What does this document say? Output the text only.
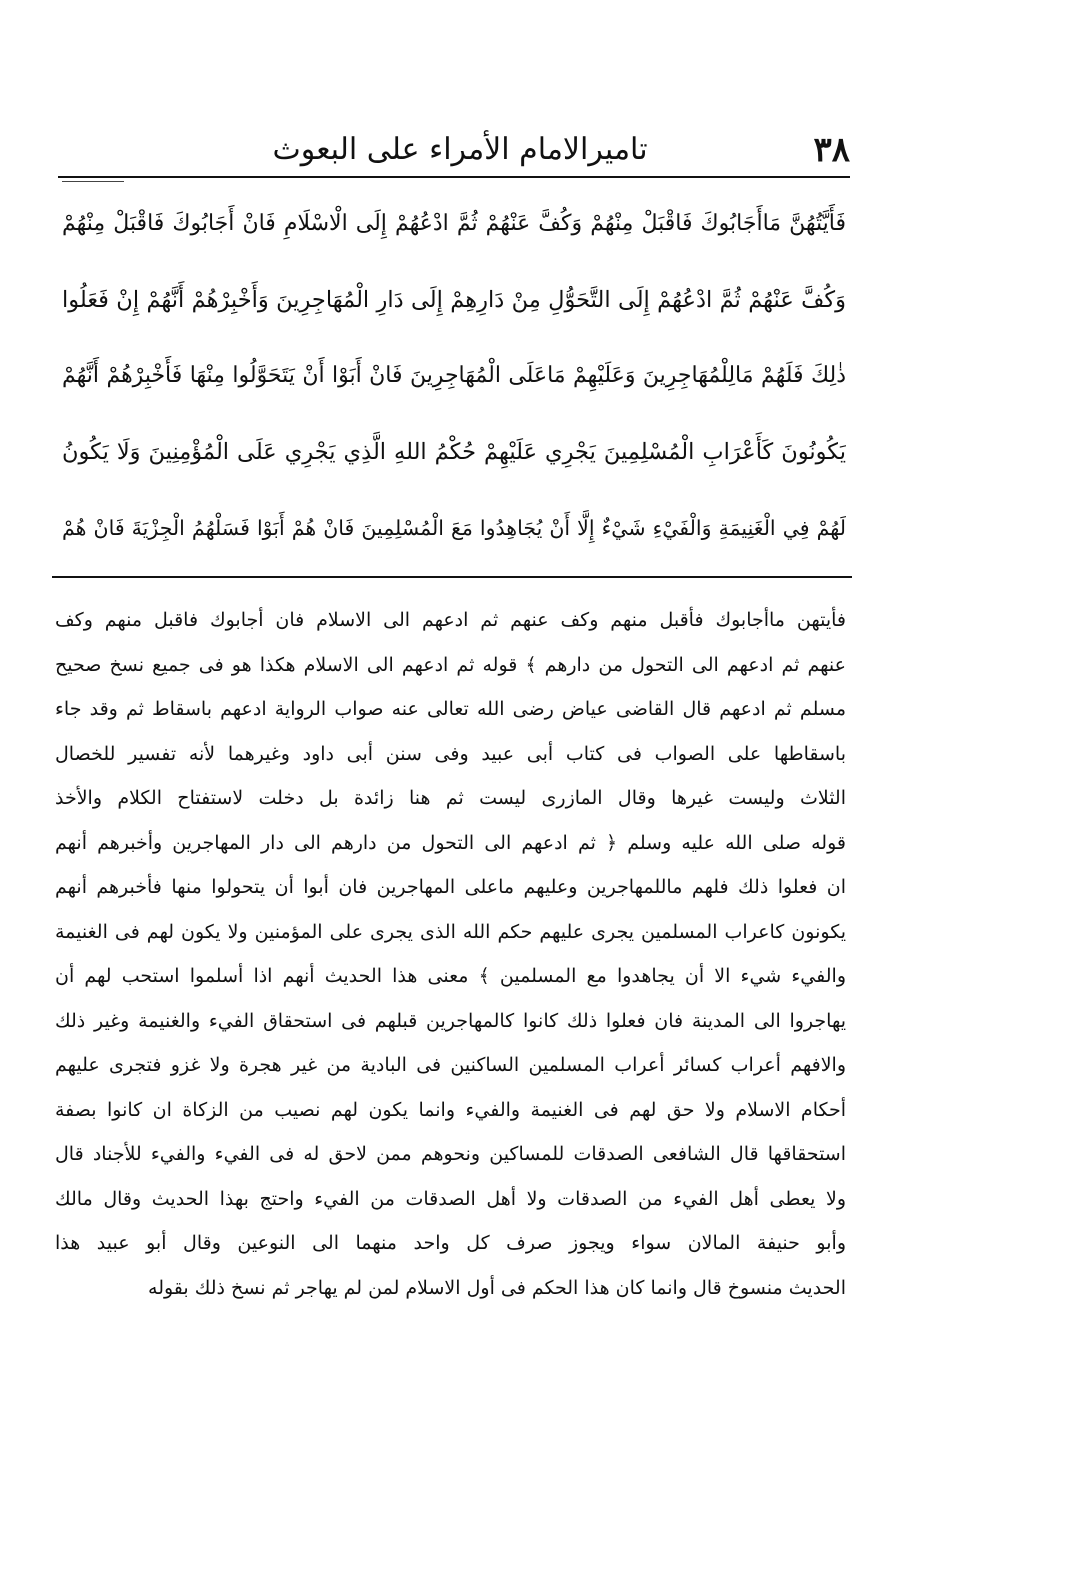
٣٨
تاميرالامام الأمراء على البعوث
فَأَيَّتُهُنَّ مَاأَجَابُوكَ فَاقْبَلْ مِنْهُمْ وَكُفَّ عَنْهُمْ ثُمَّ ادْعُهُمْ إِلَى الْاسْلَامِ فَانْ أَجَابُوكَ فَاقْبَلْ مِنْهُمْ
وَكُفَّ عَنْهُمْ ثُمَّ ادْعُهُمْ إِلَى التَّحَوُّلِ مِنْ دَارِهِمْ إِلَى دَارِ الْمُهَاجِرِينَ وَأَخْبِرْهُمْ أَنَّهُمْ إِنْ فَعَلُوا
ذٰلِكَ فَلَهُمْ مَالِلْمُهَاجِرِينَ وَعَلَيْهِمْ مَاعَلَى الْمُهَاجِرِينَ فَانْ أَبَوْا أَنْ يَتَحَوَّلُوا مِنْهَا فَأَخْبِرْهُمْ أَنَّهُمْ
يَكُونُونَ كَأَعْرَابِ الْمُسْلِمِينَ يَجْرِي عَلَيْهِمْ حُكْمُ اللهِ الَّذِي يَجْرِي عَلَى الْمُؤْمِنِينَ وَلَا يَكُونُ
لَهُمْ فِي الْغَنِيمَةِ وَالْفَيْءِ شَيْءٌ إِلَّا أَنْ يُجَاهِدُوا مَعَ الْمُسْلِمِينَ فَانْ هُمْ أَبَوْا فَسَلْهُمُ الْجِزْيَةَ فَانْ هُمْ
فأيتهن ماأجابوك فأقبل منهم وكف عنهم ثم ادعهم الى الاسلام فان أجابوك فاقبل منهم وكف
عنهم ثم ادعهم الى التحول من دارهم ﴾ قوله ثم ادعهم الى الاسلام هكذا هو فى جميع نسخ صحيح
مسلم ثم ادعهم قال القاضى عياض رضى الله تعالى عنه صواب الرواية ادعهم باسقاط ثم وقد جاء
باسقاطها على الصواب فى كتاب أبى عبيد وفى سنن أبى داود وغيرهما لأنه تفسير للخصال
الثلاث وليست غيرها وقال المازرى ليست ثم هنا زائدة بل دخلت لاستفتاح الكلام والأخذ
قوله صلى الله عليه وسلم ﴿ ثم ادعهم الى التحول من دارهم الى دار المهاجرين وأخبرهم أنهم
ان فعلوا ذلك فلهم ماللمهاجرين وعليهم ماعلى المهاجرين فان أبوا أن يتحولوا منها فأخبرهم أنهم
يكونون كاعراب المسلمين يجرى عليهم حكم الله الذى يجرى على المؤمنين ولا يكون لهم فى الغنيمة
والفيء شيء الا أن يجاهدوا مع المسلمين ﴾ معنى هذا الحديث أنهم اذا أسلموا استحب لهم أن
يهاجروا الى المدينة فان فعلوا ذلك كانوا كالمهاجرين قبلهم فى استحقاق الفيء والغنيمة وغير ذلك
والافهم أعراب كسائر أعراب المسلمين الساكنين فى البادية من غير هجرة ولا غزو فتجرى عليهم
أحكام الاسلام ولا حق لهم فى الغنيمة والفيء وانما يكون لهم نصيب من الزكاة ان كانوا بصفة
استحقاقها قال الشافعى الصدقات للمساكين ونحوهم ممن لاحق له فى الفيء والفيء للأجناد قال
ولا يعطى أهل الفيء من الصدقات ولا أهل الصدقات من الفيء واحتج بهذا الحديث وقال مالك
وأبو حنيفة المالان سواء ويجوز صرف كل واحد منهما الى النوعين وقال أبو عبيد هذا
الحديث منسوخ قال وانما كان هذا الحكم فى أول الاسلام لمن لم يهاجر ثم نسخ ذلك بقوله
